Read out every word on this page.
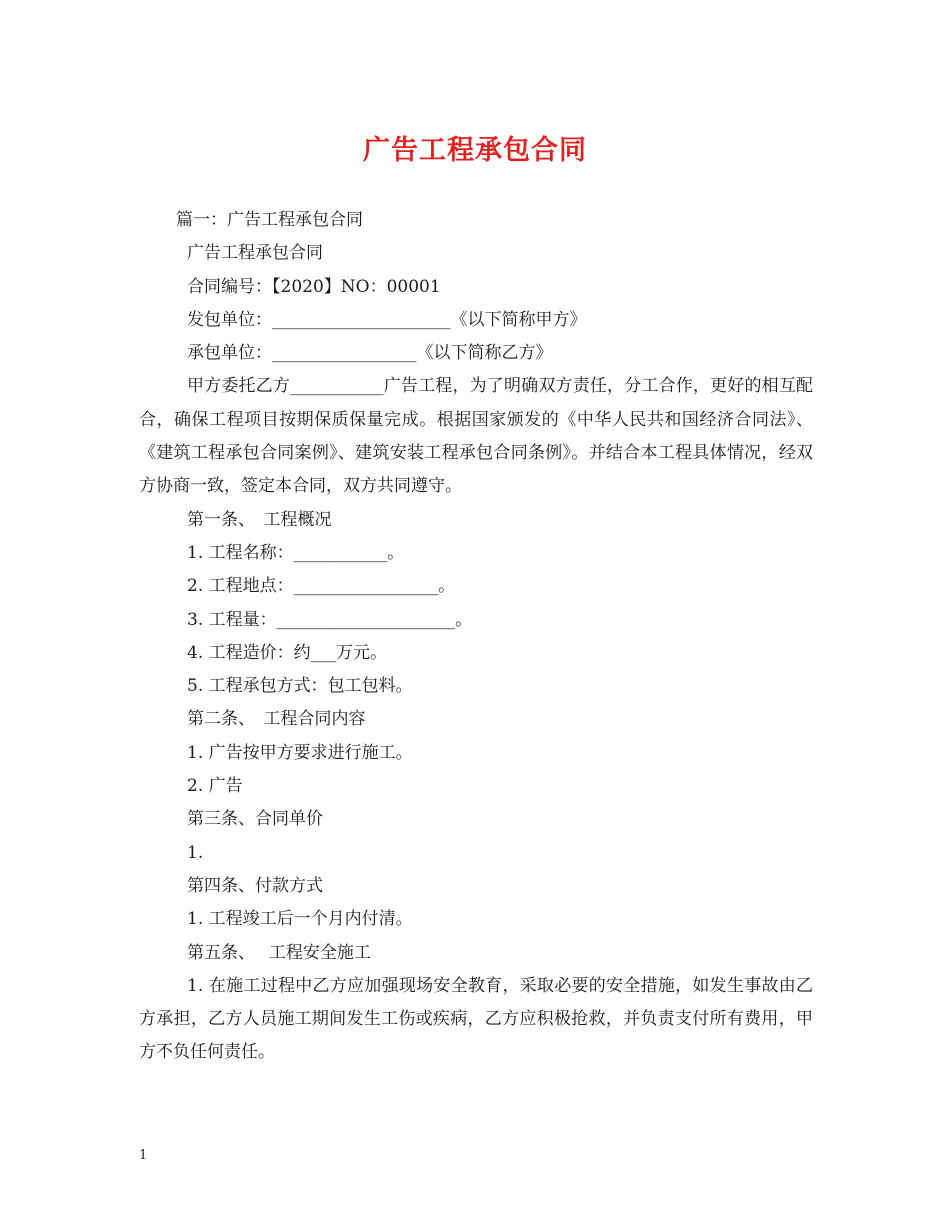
广告工程承包合同

篇一：广告工程承包合同

广告工程承包合同

合同编号：【2020】NO：00001

发包单位：_____________________《以下简称甲方》

承包单位：_________________《以下简称乙方》

甲方委托乙方___________广告工程，为了明确双方责任，分工合作，更好的相互配合，确保工程项目按期保质保量完成。根据国家颁发的《中华人民共和国经济合同法》、《建筑工程承包合同案例》、建筑安装工程承包合同条例》。并结合本工程具体情况，经双方协商一致，签定本合同，双方共同遵守。

第一条、　工程概况

1. 工程名称：___________。

2. 工程地点：_________________。

3. 工程量：_____________________。

4. 工程造价：约___万元。

5. 工程承包方式：包工包料。

第二条、　工程合同内容

1. 广告按甲方要求进行施工。

2. 广告

第三条、合同单价

1.

第四条、付款方式

1. 工程竣工后一个月内付清。

第五条、　 工程安全施工

1. 在施工过程中乙方应加强现场安全教育，采取必要的安全措施，如发生事故由乙方承担，乙方人员施工期间发生工伤或疾病，乙方应积极抢救，并负责支付所有费用，甲方不负任何责任。

1
